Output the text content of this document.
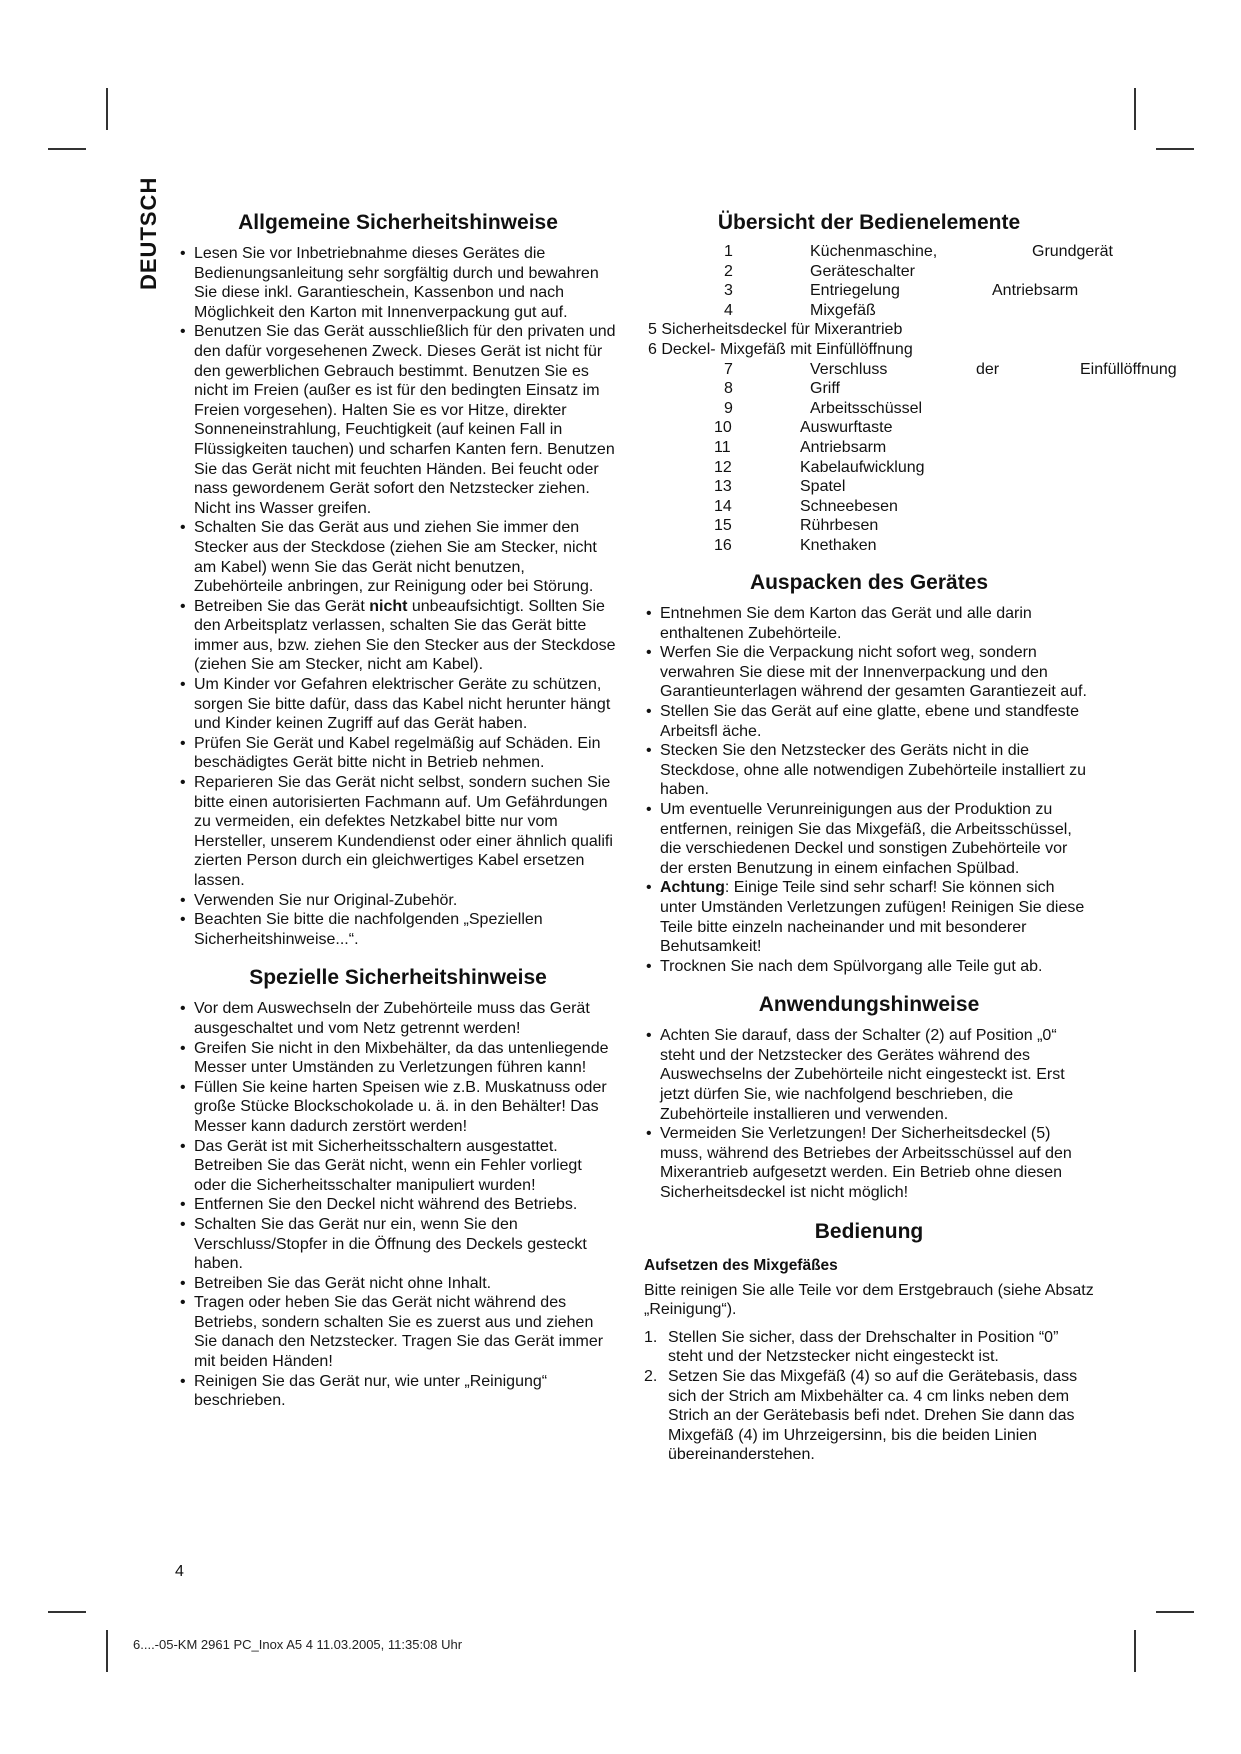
DEUTSCH	Allgemeine Sicherheitshinweise
• Lesen Sie vor Inbetriebnahme dieses Gerätes die Bedienungsanleitung sehr sorgfältig durch und bewahren Sie diese inkl. Garantieschein, Kassenbon und nach Möglichkeit den Karton mit Innenverpackung gut auf.
• Benutzen Sie das Gerät ausschließlich für den privaten und den dafür vorgesehenen Zweck. Dieses Gerät ist nicht für den gewerblichen Gebrauch bestimmt. Benutzen Sie es nicht im Freien (außer es ist für den bedingten Einsatz im Freien vorgesehen). Halten Sie es vor Hitze, direkter Sonneneinstrahlung, Feuchtigkeit (auf keinen Fall in Flüssigkeiten tauchen) und scharfen Kanten fern. Benutzen Sie das Gerät nicht mit feuchten Händen. Bei feucht oder nass gewordenem Gerät sofort den Netzstecker ziehen. Nicht ins Wasser greifen.
• Schalten Sie das Gerät aus und ziehen Sie immer den Stecker aus der Steckdose (ziehen Sie am Stecker, nicht am Kabel) wenn Sie das Gerät nicht benutzen, Zubehörteile anbringen, zur Reinigung oder bei Störung.
• Betreiben Sie das Gerät nicht unbeaufsichtigt. Sollten Sie den Arbeitsplatz verlassen, schalten Sie das Gerät bitte immer aus, bzw. ziehen Sie den Stecker aus der Steckdose (ziehen Sie am Stecker, nicht am Kabel).
• Um Kinder vor Gefahren elektrischer Geräte zu schützen, sorgen Sie bitte dafür, dass das Kabel nicht herunter hängt und Kinder keinen Zugriff auf das Gerät haben.
• Prüfen Sie Gerät und Kabel regelmäßig auf Schäden. Ein beschädigtes Gerät bitte nicht in Betrieb nehmen.
• Reparieren Sie das Gerät nicht selbst, sondern suchen Sie bitte einen autorisierten Fachmann auf. Um Gefährdungen zu vermeiden, ein defektes Netzkabel bitte nur vom Hersteller, unserem Kundendienst oder einer ähnlich qualifi zierten Person durch ein gleichwertiges Kabel ersetzen lassen.
• Verwenden Sie nur Original-Zubehör.
• Beachten Sie bitte die nachfolgenden „Speziellen Sicherheitshinweise...“.
Spezielle Sicherheitshinweise
• Vor dem Auswechseln der Zubehörteile muss das Gerät ausgeschaltet und vom Netz getrennt werden!
• Greifen Sie nicht in den Mixbehälter, da das untenliegende Messer unter Umständen zu Verletzungen führen kann!
• Füllen Sie keine harten Speisen wie z.B. Muskatnuss oder große Stücke Blockschokolade u. ä. in den Behälter! Das Messer kann dadurch zerstört werden!
• Das Gerät ist mit Sicherheitsschaltern ausgestattet. Betreiben Sie das Gerät nicht, wenn ein Fehler vorliegt oder die Sicherheitsschalter manipuliert wurden!
• Entfernen Sie den Deckel nicht während des Betriebs.
• Schalten Sie das Gerät nur ein, wenn Sie den Verschluss/Stopfer in die Öffnung des Deckels gesteckt haben.
• Betreiben Sie das Gerät nicht ohne Inhalt.
• Tragen oder heben Sie das Gerät nicht während des Betriebs, sondern schalten Sie es zuerst aus und ziehen Sie danach den Netzstecker. Tragen Sie das Gerät immer mit beiden Händen!
• Reinigen Sie das Gerät nur, wie unter „Reinigung“ beschrieben.
Übersicht der Bedienelemente
1	Küchenmaschine,	Grundgerät
2	Geräteschalter
3	Entriegelung	Antriebsarm
4	Mixgefäß
5 Sicherheitsdeckel für Mixerantrieb
6 Deckel- Mixgefäß mit Einfüllöffnung
7	Verschluss	der	Einfüllöffnung
8	Griff
9	Arbeitsschüssel
10	Auswurftaste
11	Antriebsarm
12	Kabelaufwicklung
13	Spatel
14	Schneebesen
15	Rührbesen
16	Knethaken
Auspacken des Gerätes
• Entnehmen Sie dem Karton das Gerät und alle darin enthaltenen Zubehörteile.
• Werfen Sie die Verpackung nicht sofort weg, sondern verwahren Sie diese mit der Innenverpackung und den Garantieunterlagen während der gesamten Garantiezeit auf.
• Stellen Sie das Gerät auf eine glatte, ebene und standfeste Arbeitsfl äche.
• Stecken Sie den Netzstecker des Geräts nicht in die Steckdose, ohne alle notwendigen Zubehörteile installiert zu haben.
• Um eventuelle Verunreinigungen aus der Produktion zu entfernen, reinigen Sie das Mixgefäß, die Arbeitsschüssel, die verschiedenen Deckel und sonstigen Zubehörteile vor der ersten Benutzung in einem einfachen Spülbad.
• Achtung: Einige Teile sind sehr scharf! Sie können sich unter Umständen Verletzungen zufügen! Reinigen Sie diese Teile bitte einzeln nacheinander und mit besonderer Behutsamkeit!
• Trocknen Sie nach dem Spülvorgang alle Teile gut ab.
Anwendungshinweise
• Achten Sie darauf, dass der Schalter (2) auf Position „0“ steht und der Netzstecker des Gerätes während des Auswechselns der Zubehörteile nicht eingesteckt ist. Erst jetzt dürfen Sie, wie nachfolgend beschrieben, die Zubehörteile installieren und verwenden.
• Vermeiden Sie Verletzungen! Der Sicherheitsdeckel (5) muss, während des Betriebes der Arbeitsschüssel auf den Mixerantrieb aufgesetzt werden. Ein Betrieb ohne diesen Sicherheitsdeckel ist nicht möglich!
Bedienung
Aufsetzen des Mixgefäßes

Bitte reinigen Sie alle Teile vor dem Erstgebrauch (siehe Absatz „Reinigung“).

1. Stellen Sie sicher, dass der Drehschalter in Position “0” steht und der Netzstecker nicht eingesteckt ist.
2. Setzen Sie das Mixgefäß (4) so auf die Gerätebasis, dass sich der Strich am Mixbehälter ca. 4 cm links neben dem Strich an der Gerätebasis befi ndet. Drehen Sie dann das Mixgefäß (4) im Uhrzeigersinn, bis die beiden Linien übereinanderstehen.
4
6....-05-KM 2961 PC_Inox A5 4 11.03.2005, 11:35:08 Uhr
